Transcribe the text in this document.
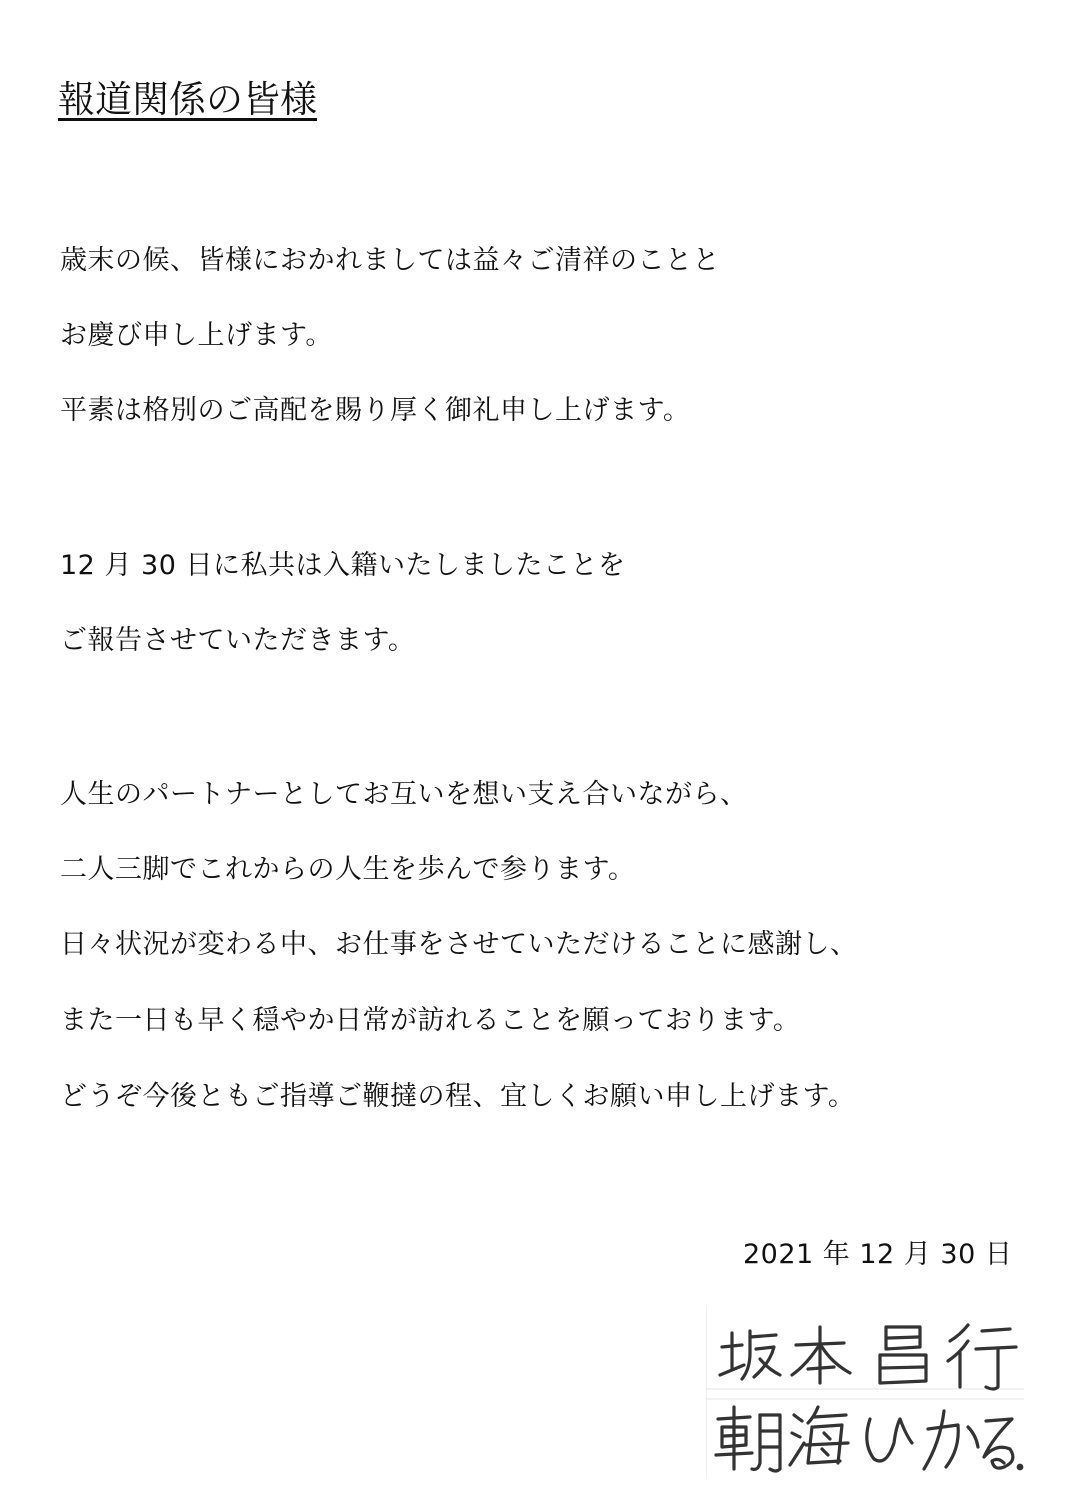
報道関係の皆様
歳末の候、皆様におかれましては益々ご清祥のことと
お慶び申し上げます。
平素は格別のご高配を賜り厚く御礼申し上げます。
12 月 30 日に私共は入籍いたしましたことを
ご報告させていただきます。
人生のパートナーとしてお互いを想い支え合いながら、
二人三脚でこれからの人生を歩んで参ります。
日々状況が変わる中、お仕事をさせていただけることに感謝し、
また一日も早く穏やか日常が訪れることを願っております。
どうぞ今後ともご指導ご鞭撻の程、宜しくお願い申し上げます。
2021 年 12 月 30 日
